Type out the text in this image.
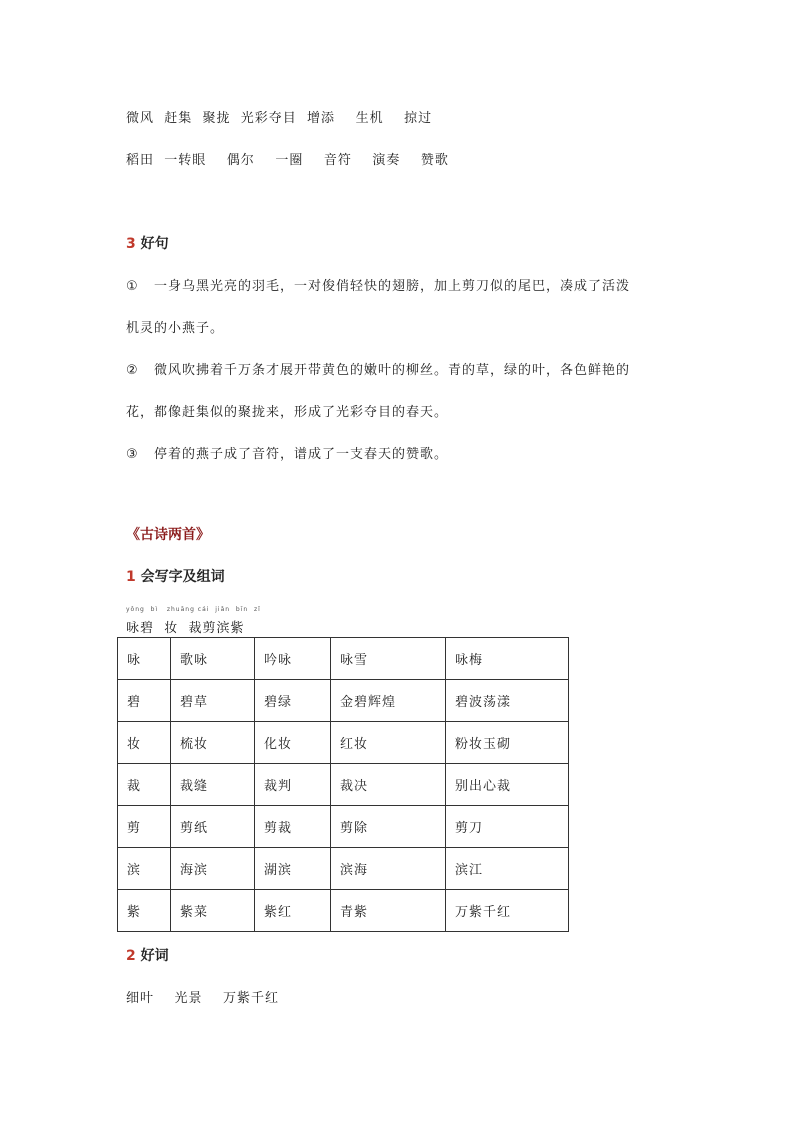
微风  赶集  聚拢  光彩夺目  增添    生机    掠过
稻田  一转眼    偶尔    一圈    音符    演奏    赞歌
3 好句
①   一身乌黑光亮的羽毛，一对俊俏轻快的翅膀，加上剪刀似的尾巴，凑成了活泼
机灵的小燕子。
②   微风吹拂着千万条才展开带黄色的嫩叶的柳丝。青的草，绿的叶，各色鲜艳的
花，都像赶集似的聚拢来，形成了光彩夺目的春天。
③   停着的燕子成了音符，谱成了一支春天的赞歌。
《古诗两首》
1 会写字及组词
yǒng  bì   zhuāng cái  jiǎn  bīn  zǐ
咏碧  妆  裁剪滨紫
咏	歌咏	吟咏	咏雪	咏梅
碧	碧草	碧绿	金碧辉煌	碧波荡漾
妆	梳妆	化妆	红妆	粉妆玉砌
裁	裁缝	裁判	裁决	别出心裁
剪	剪纸	剪裁	剪除	剪刀
滨	海滨	湖滨	滨海	滨江
紫	紫菜	紫红	青紫	万紫千红
2 好词
细叶    光景    万紫千红
